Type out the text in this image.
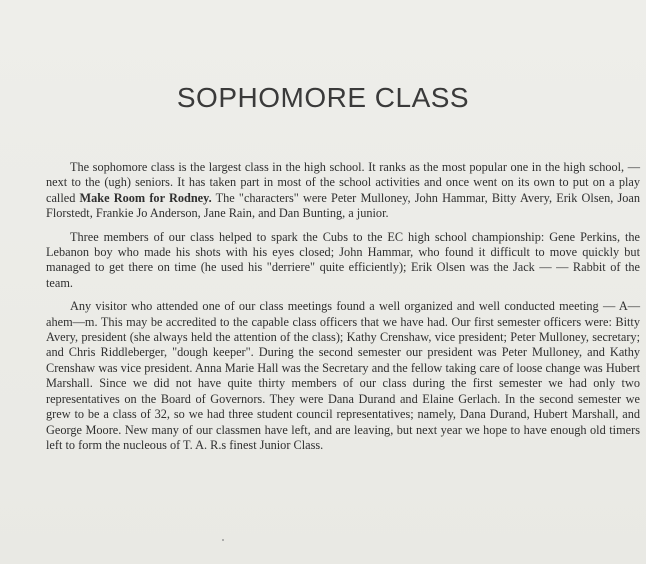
SOPHOMORE CLASS

The sophomore class is the largest class in the high school. It ranks as the most popular one in the high school, — next to the (ugh) seniors. It has taken part in most of the school activities and once went on its own to put on a play called Make Room for Rodney. The "characters" were Peter Mulloney, John Hammar, Bitty Avery, Erik Olsen, Joan Florstedt, Frankie Jo Anderson, Jane Rain, and Dan Bunting, a junior.

Three members of our class helped to spark the Cubs to the EC high school championship: Gene Perkins, the Lebanon boy who made his shots with his eyes closed; John Hammar, who found it difficult to move quickly but managed to get there on time (he used his "derriere" quite efficiently); Erik Olsen was the Jack — — Rabbit of the team.

Any visitor who attended one of our class meetings found a well organized and well conducted meeting — A—ahem—m. This may be accredited to the capable class officers that we have had. Our first semester officers were: Bitty Avery, president (she always held the attention of the class); Kathy Crenshaw, vice president; Peter Mulloney, secretary; and Chris Riddleberger, "dough keeper". During the second semester our president was Peter Mulloney, and Kathy Crenshaw was vice president. Anna Marie Hall was the Secretary and the fellow taking care of loose change was Hubert Marshall. Since we did not have quite thirty members of our class during the first semester we had only two representatives on the Board of Governors. They were Dana Durand and Elaine Gerlach. In the second semester we grew to be a class of 32, so we had three student council representatives; namely, Dana Durand, Hubert Marshall, and George Moore. New many of our classmen have left, and are leaving, but next year we hope to have enough old timers left to form the nucleous of T. A. R.s finest Junior Class.
